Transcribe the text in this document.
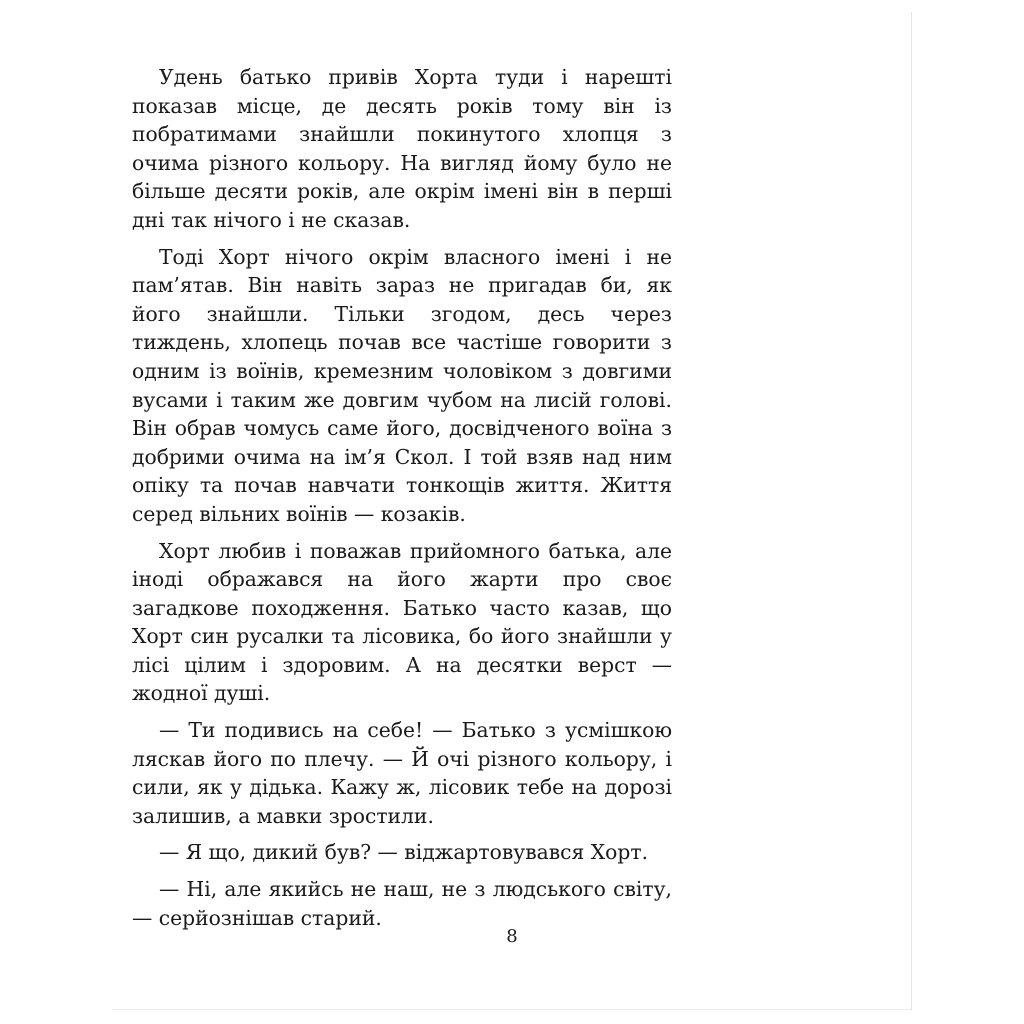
Удень батько привів Хорта туди і нарешті показав місце, де десять років тому він із побратимами знайшли покинутого хлопця з очима різного кольору. На вигляд йому було не більше десяти років, але окрім імені він в перші дні так нічого і не сказав.

Тоді Хорт нічого окрім власного імені і не пам’ятав. Він навіть зараз не пригадав би, як його знайшли. Тільки згодом, десь через тиждень, хлопець почав все частіше говорити з одним із воїнів, кремезним чоловіком з довгими вусами і таким же довгим чубом на лисій голові. Він обрав чомусь саме його, досвідченого воїна з добрими очима на ім’я Скол. І той взяв над ним опіку та почав навчати тонкощів життя. Життя серед вільних воїнів — козаків.

Хорт любив і поважав прийомного батька, але іноді ображався на його жарти про своє загадкове походження. Батько часто казав, що Хорт син русалки та лісовика, бо його знайшли у лісі цілим і здоровим. А на десятки верст — жодної душі.

— Ти подивись на себе! — Батько з усмішкою ляскав його по плечу. — Й очі різного кольору, і сили, як у дідька. Кажу ж, лісовик тебе на дорозі залишив, а мавки зростили.

— Я що, дикий був? — віджартовувався Хорт.

— Ні, але якийсь не наш, не з людського світу, — серйознішав старий.

8
